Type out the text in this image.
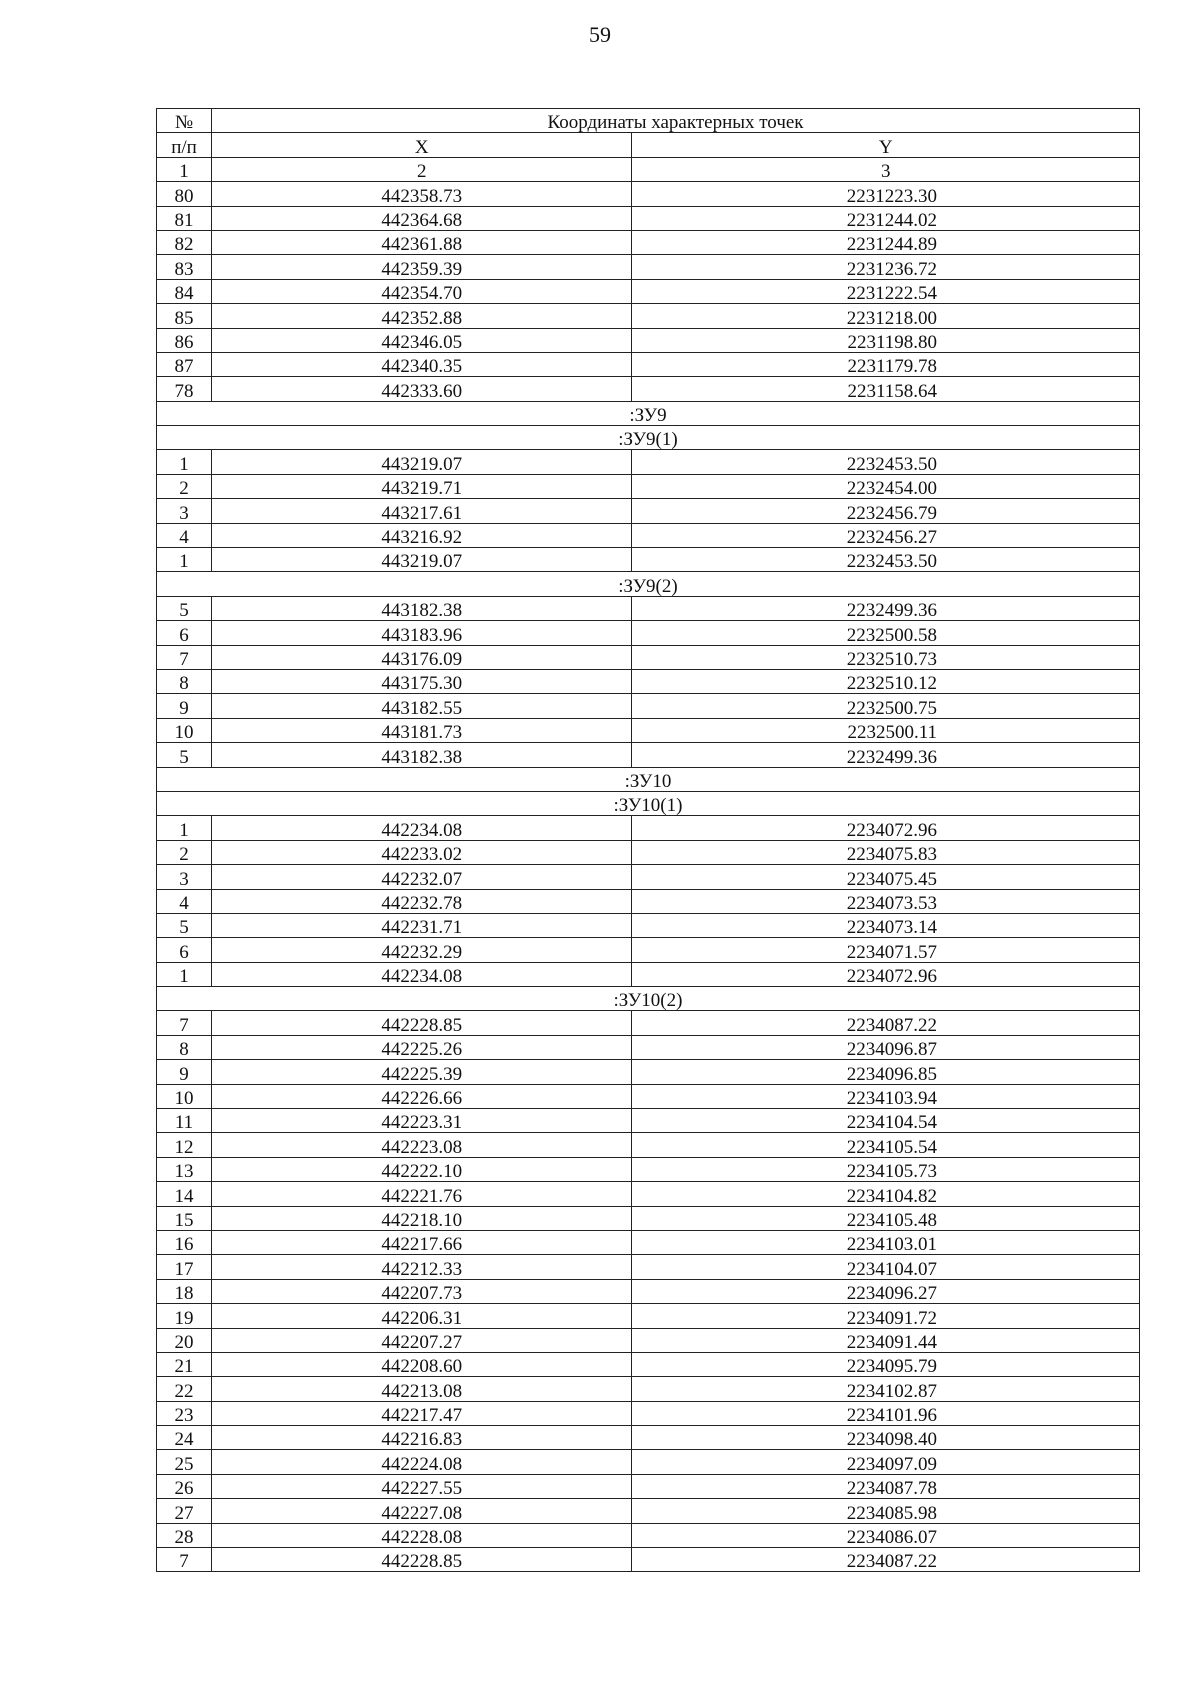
59
№	Координаты характерных точек	
п/п	X	Y
1	2	3
80	442358.73	2231223.30
81	442364.68	2231244.02
82	442361.88	2231244.89
83	442359.39	2231236.72
84	442354.70	2231222.54
85	442352.88	2231218.00
86	442346.05	2231198.80
87	442340.35	2231179.78
78	442333.60	2231158.64
:ЗУ9		
:ЗУ9(1)		
1	443219.07	2232453.50
2	443219.71	2232454.00
3	443217.61	2232456.79
4	443216.92	2232456.27
1	443219.07	2232453.50
:ЗУ9(2)		
5	443182.38	2232499.36
6	443183.96	2232500.58
7	443176.09	2232510.73
8	443175.30	2232510.12
9	443182.55	2232500.75
10	443181.73	2232500.11
5	443182.38	2232499.36
:ЗУ10		
:ЗУ10(1)		
1	442234.08	2234072.96
2	442233.02	2234075.83
3	442232.07	2234075.45
4	442232.78	2234073.53
5	442231.71	2234073.14
6	442232.29	2234071.57
1	442234.08	2234072.96
:ЗУ10(2)		
7	442228.85	2234087.22
8	442225.26	2234096.87
9	442225.39	2234096.85
10	442226.66	2234103.94
11	442223.31	2234104.54
12	442223.08	2234105.54
13	442222.10	2234105.73
14	442221.76	2234104.82
15	442218.10	2234105.48
16	442217.66	2234103.01
17	442212.33	2234104.07
18	442207.73	2234096.27
19	442206.31	2234091.72
20	442207.27	2234091.44
21	442208.60	2234095.79
22	442213.08	2234102.87
23	442217.47	2234101.96
24	442216.83	2234098.40
25	442224.08	2234097.09
26	442227.55	2234087.78
27	442227.08	2234085.98
28	442228.08	2234086.07
7	442228.85	2234087.22
